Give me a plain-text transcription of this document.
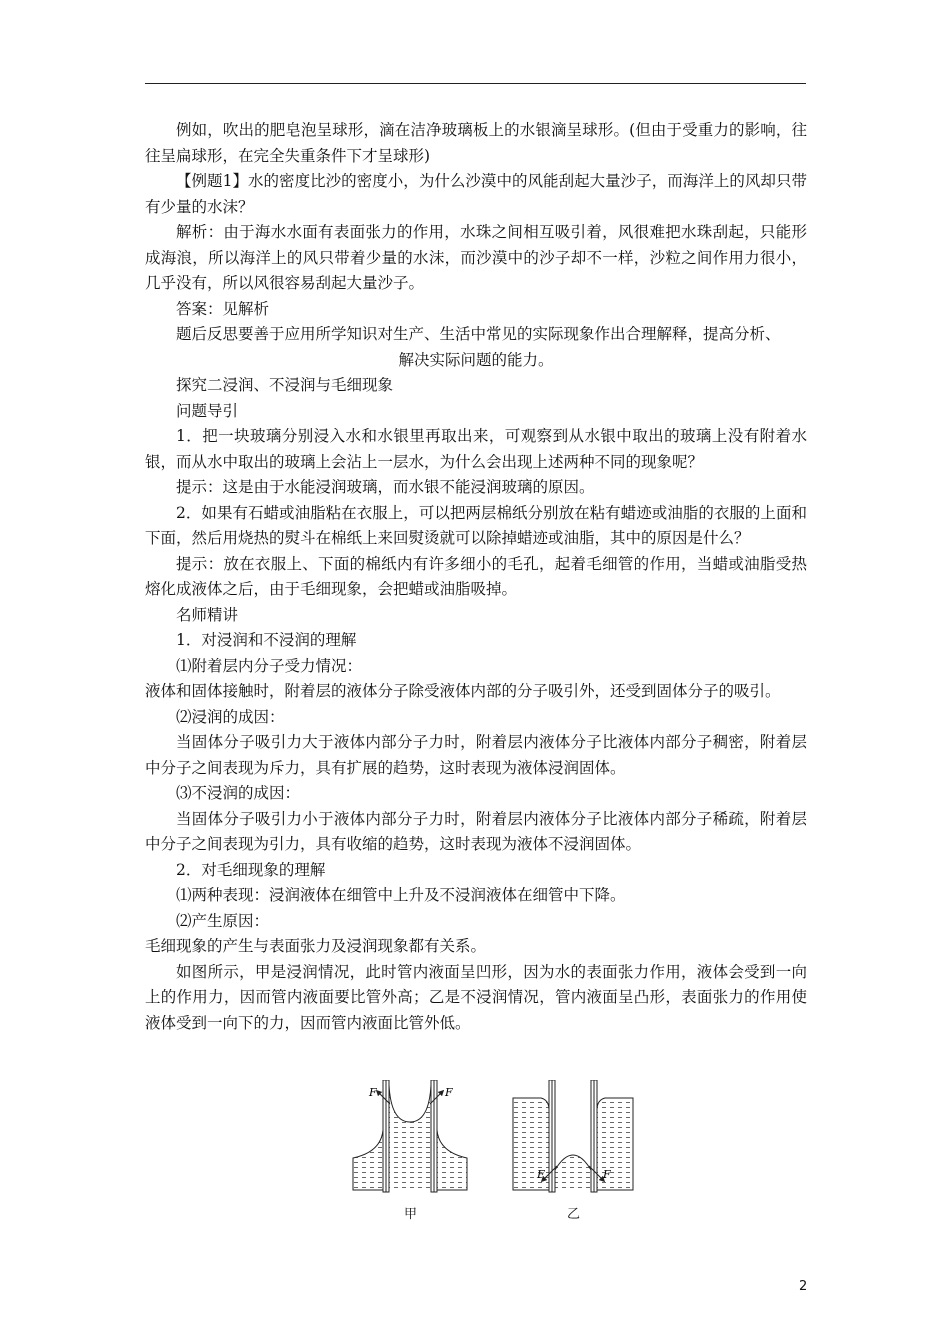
例如，吹出的肥皂泡呈球形，滴在洁净玻璃板上的水银滴呈球形。(但由于受重力的影响，往往呈扁球形，在完全失重条件下才呈球形)

【例题1】水的密度比沙的密度小，为什么沙漠中的风能刮起大量沙子，而海洋上的风却只带有少量的水沫？

解析：由于海水水面有表面张力的作用，水珠之间相互吸引着，风很难把水珠刮起，只能形成海浪，所以海洋上的风只带着少量的水沫，而沙漠中的沙子却不一样，沙粒之间作用力很小，几乎没有，所以风很容易刮起大量沙子。

答案：见解析

题后反思要善于应用所学知识对生产、生活中常见的实际现象作出合理解释，提高分析、

解决实际问题的能力。

探究二浸润、不浸润与毛细现象

问题导引

1．把一块玻璃分别浸入水和水银里再取出来，可观察到从水银中取出的玻璃上没有附着水银，而从水中取出的玻璃上会沾上一层水，为什么会出现上述两种不同的现象呢？

提示：这是由于水能浸润玻璃，而水银不能浸润玻璃的原因。

2．如果有石蜡或油脂粘在衣服上，可以把两层棉纸分别放在粘有蜡迹或油脂的衣服的上面和下面，然后用烧热的熨斗在棉纸上来回熨烫就可以除掉蜡迹或油脂，其中的原因是什么？

提示：放在衣服上、下面的棉纸内有许多细小的毛孔，起着毛细管的作用，当蜡或油脂受热熔化成液体之后，由于毛细现象，会把蜡或油脂吸掉。

名师精讲

1．对浸润和不浸润的理解

⑴附着层内分子受力情况：

液体和固体接触时，附着层的液体分子除受液体内部的分子吸引外，还受到固体分子的吸引。

⑵浸润的成因：

当固体分子吸引力大于液体内部分子力时，附着层内液体分子比液体内部分子稠密，附着层中分子之间表现为斥力，具有扩展的趋势，这时表现为液体浸润固体。

⑶不浸润的成因：

当固体分子吸引力小于液体内部分子力时，附着层内液体分子比液体内部分子稀疏，附着层中分子之间表现为引力，具有收缩的趋势，这时表现为液体不浸润固体。

2．对毛细现象的理解

⑴两种表现：浸润液体在细管中上升及不浸润液体在细管中下降。

⑵产生原因：

毛细现象的产生与表面张力及浸润现象都有关系。

如图所示，甲是浸润情况，此时管内液面呈凹形，因为水的表面张力作用，液体会受到一向上的作用力，因而管内液面要比管外高；乙是不浸润情况，管内液面呈凸形，表面张力的作用使液体受到一向下的力，因而管内液面比管外低。

F	F
F	F
甲	乙
2
